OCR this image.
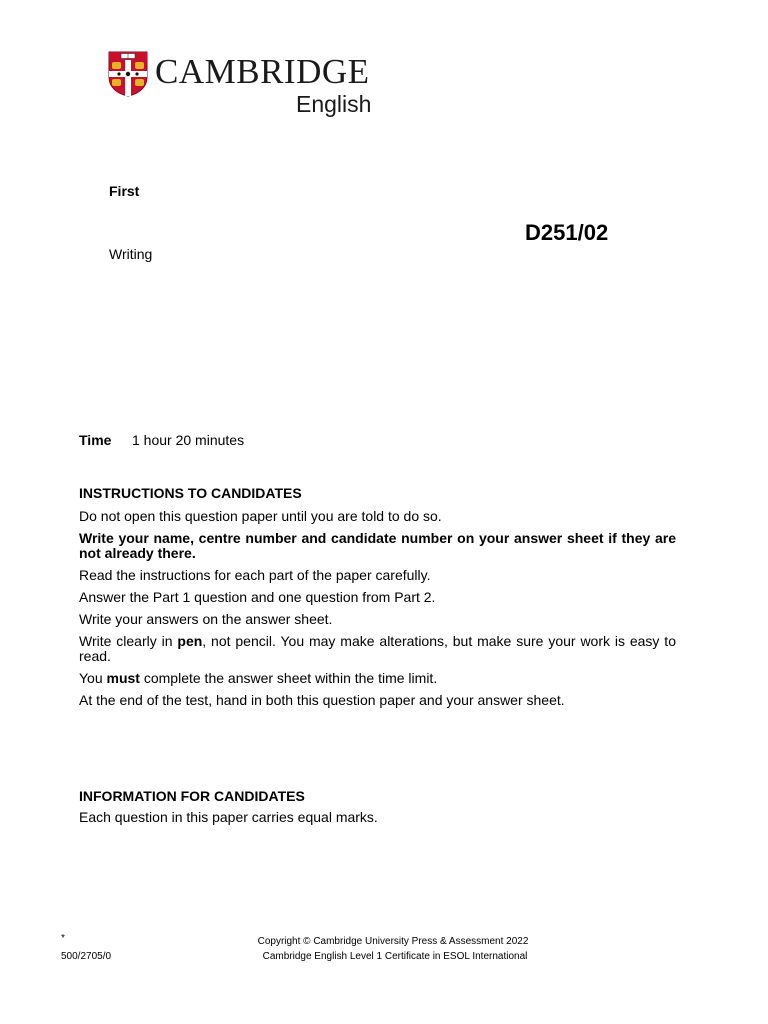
CAMBRIDGE
English
First
D251/02
Writing
Time 1 hour 20 minutes
INSTRUCTIONS TO CANDIDATES

Do not open this question paper until you are told to do so.

Write your name, centre number and candidate number on your answer sheet if they are not already there.

Read the instructions for each part of the paper carefully.

Answer the Part 1 question and one question from Part 2.

Write your answers on the answer sheet.

Write clearly in pen, not pencil. You may make alterations, but make sure your work is easy to read.

You must complete the answer sheet within the time limit.

At the end of the test, hand in both this question paper and your answer sheet.

INFORMATION FOR CANDIDATES

Each question in this paper carries equal marks.

*
500/2705/0
Copyright © Cambridge University Press & Assessment 2022
Cambridge English Level 1 Certificate in ESOL International
